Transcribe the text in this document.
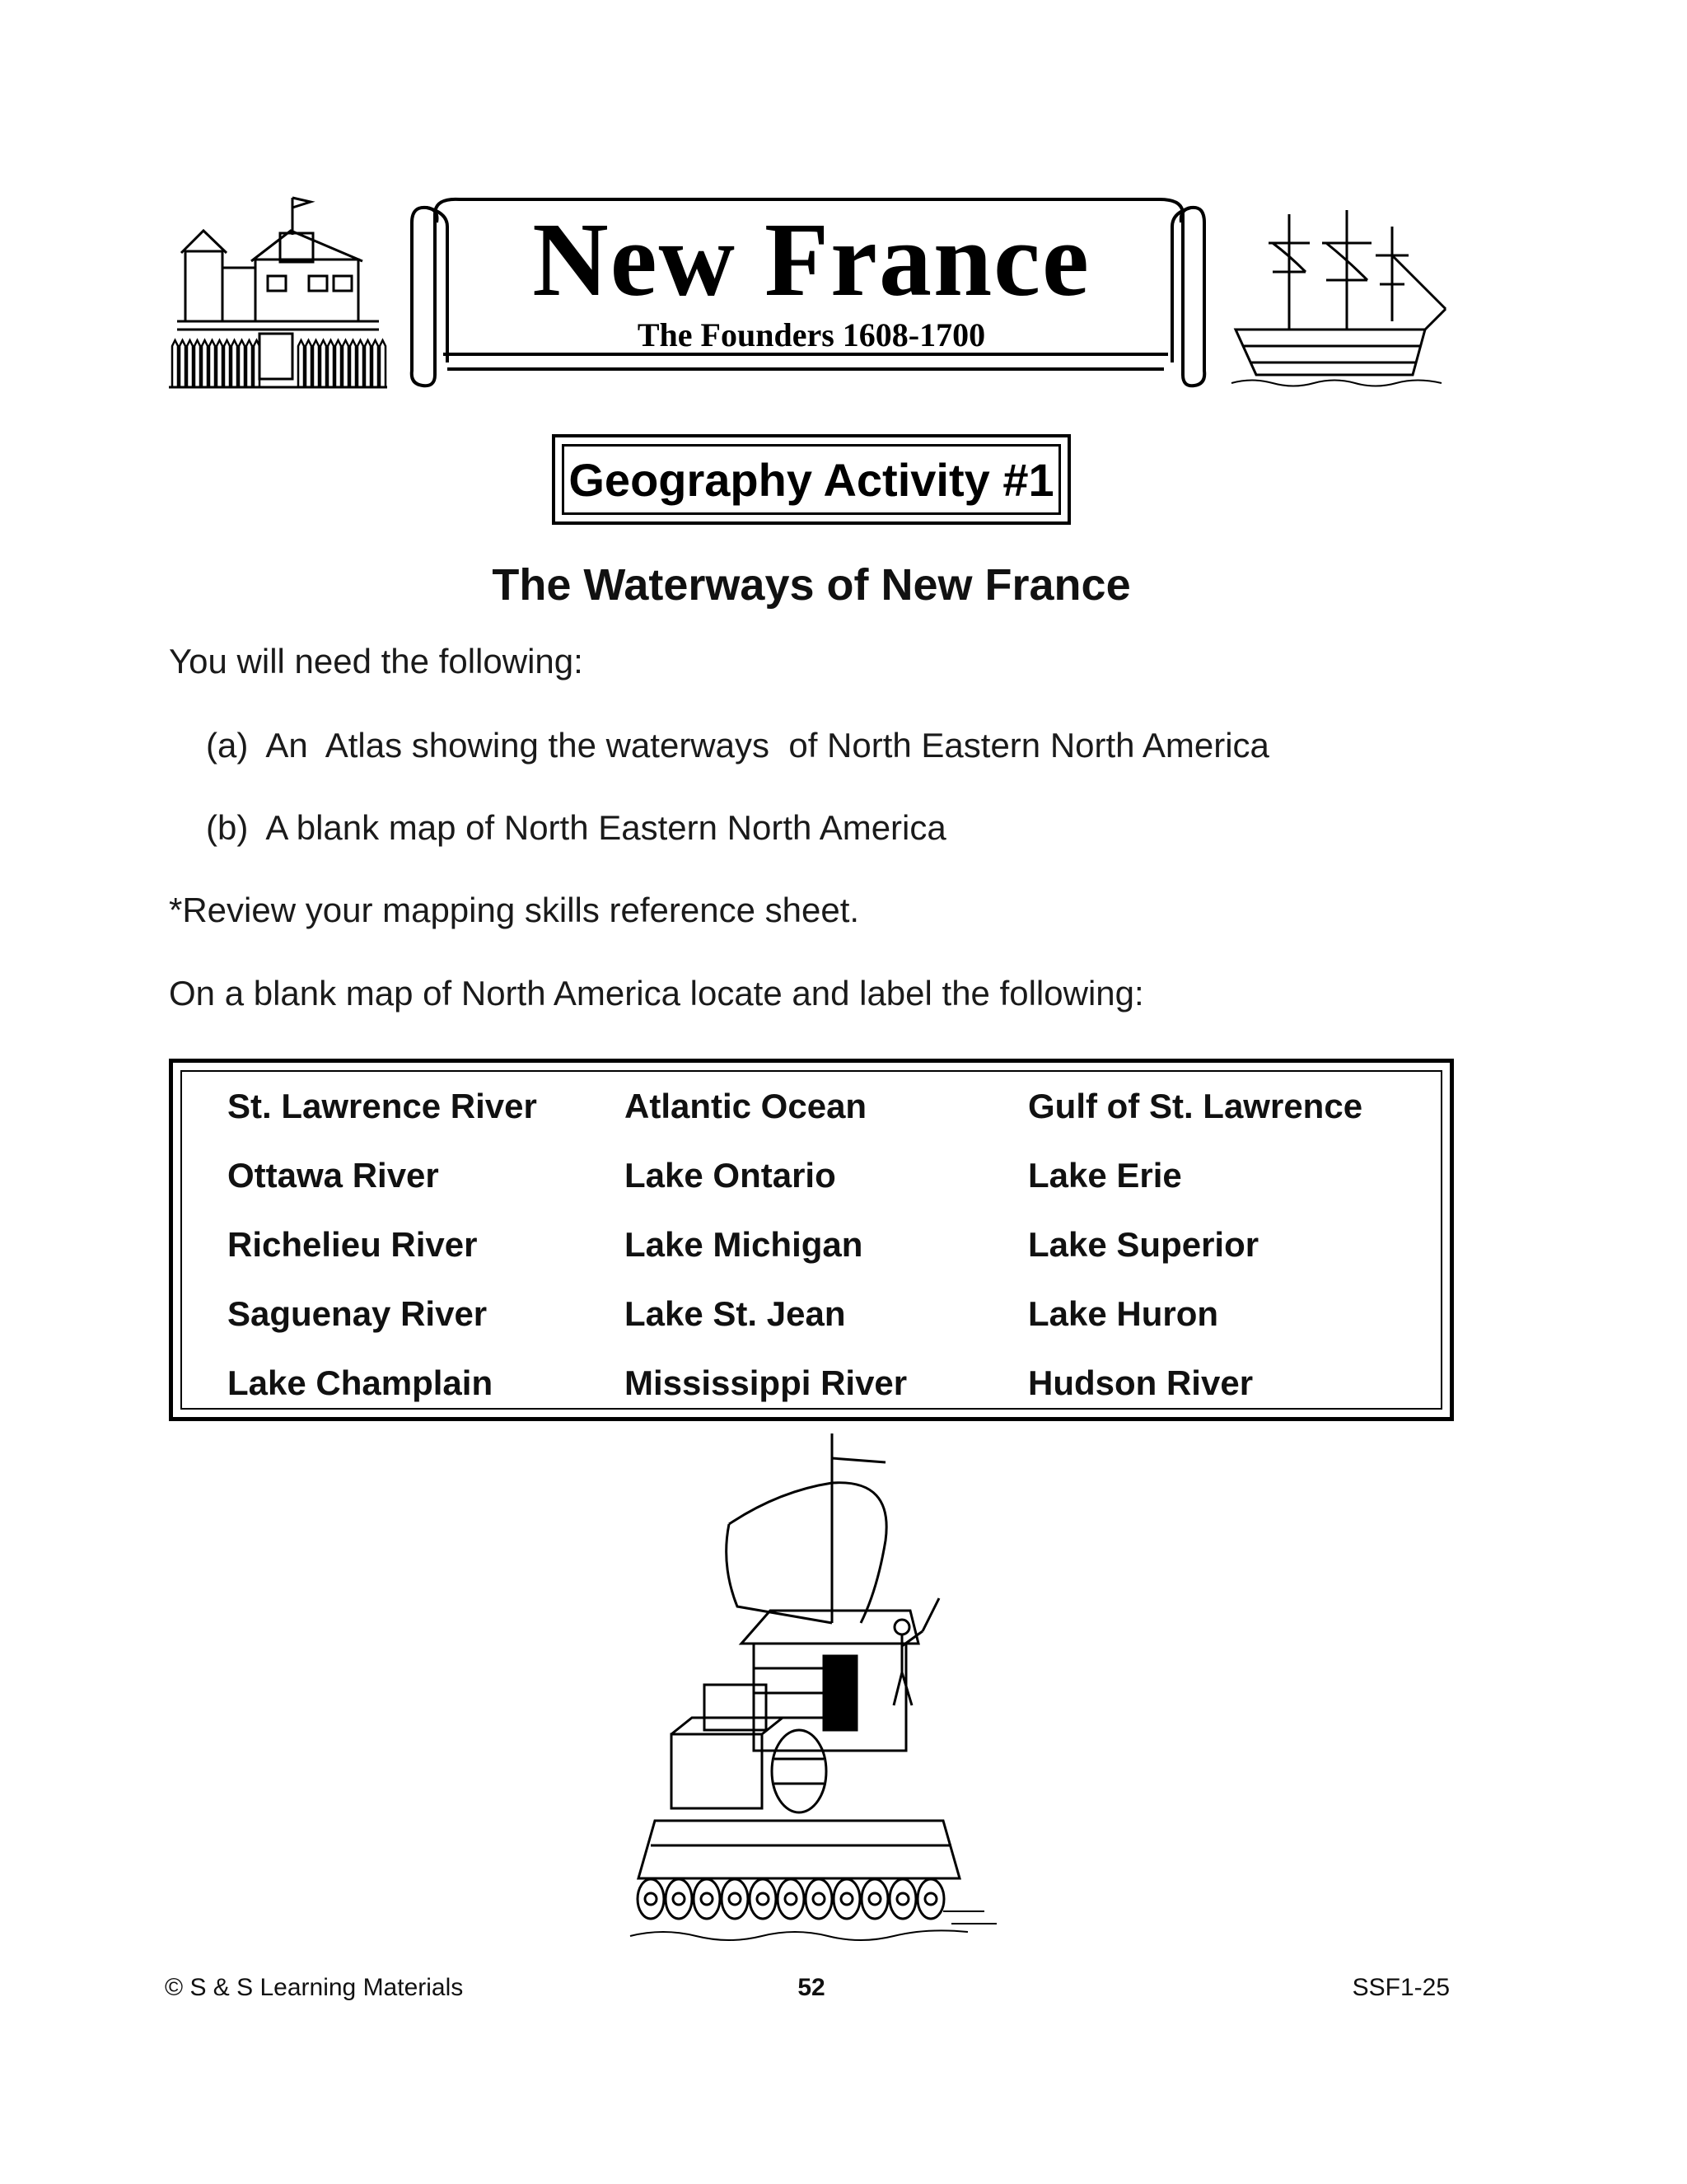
New France
The Founders 1608-1700
Geography Activity #1
The Waterways of New France
You will need the following:
(a)  An  Atlas showing the waterways  of North Eastern North America
(b)  A blank map of North Eastern North America
*Review your mapping skills reference sheet.
On a blank map of North America locate and label the following:
St. Lawrence River
Ottawa River
Richelieu River
Saguenay River
Lake Champlain
Atlantic Ocean
Lake Ontario
Lake Michigan
Lake St. Jean
Mississippi River
Gulf of St. Lawrence
Lake Erie
Lake Superior
Lake Huron
Hudson River
© S & S Learning Materials	52	SSF1-25
